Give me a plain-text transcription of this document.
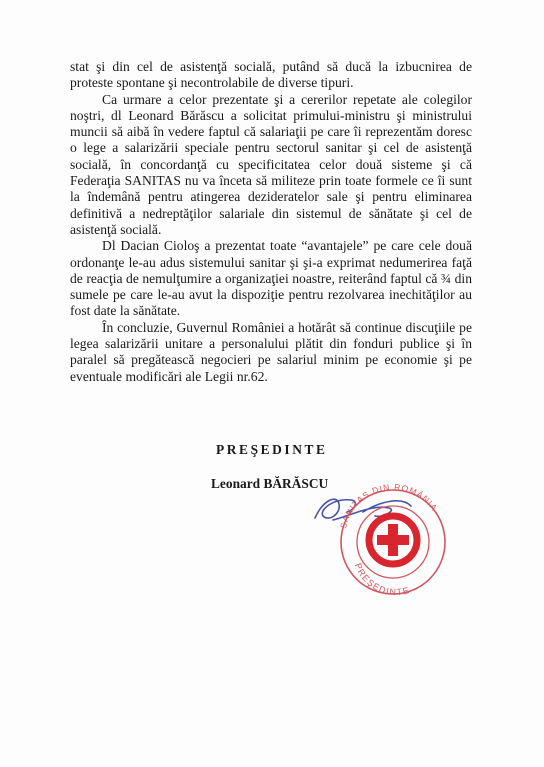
stat şi din cel de asistenţă socială, putând să ducă la izbucnirea de proteste spontane şi necontrolabile de diverse tipuri.

Ca urmare a celor prezentate şi a cererilor repetate ale colegilor noştri, dl Leonard Bărăscu a solicitat primului-ministru şi ministrului muncii să aibă în vedere faptul că salariaţii pe care îi reprezentăm doresc o lege a salarizării speciale pentru sectorul sanitar şi cel de asistenţă socială, în concordanţă cu specificitatea celor două sisteme şi că Federaţia SANITAS nu va înceta să militeze prin toate formele ce îi sunt la îndemână pentru atingerea dezideratelor sale şi pentru eliminarea definitivă a nedreptăţilor salariale din sistemul de sănătate şi cel de asistenţă socială.

Dl Dacian Cioloş a prezentat toate “avantajele” pe care cele două ordonanţe le-au adus sistemului sanitar şi şi-a exprimat nedumerirea faţă de reacţia de nemulţumire a organizaţiei noastre, reiterând faptul că ¾ din sumele pe care le-au avut la dispoziţie pentru rezolvarea inechităţilor au fost date la sănătate.

În concluzie, Guvernul României a hotărât să continue discuţiile pe legea salarizării unitare a personalului plătit din fonduri publice şi în paralel să pregătească negocieri pe salariul minim pe economie şi pe eventuale modificări ale Legii nr.62.

PREŞEDINTE
Leonard BĂRĂSCU
SANITAS DIN ROMÂNIA
PREŞEDINTE
